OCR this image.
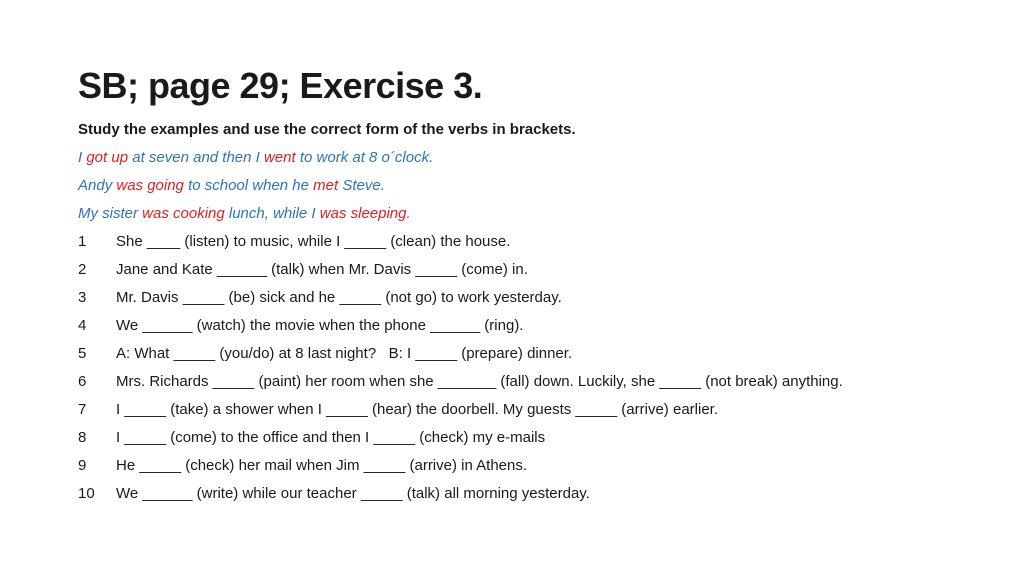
SB; page 29; Exercise 3.
Study the examples and use the correct form of the verbs in brackets.
I got up at seven and then I went to work at 8 o´clock.
Andy was going to school when he met Steve.
My sister was cooking lunch, while I was sleeping.
1 She ____ (listen) to music, while I _____ (clean) the house.
2 Jane and Kate ______ (talk) when Mr. Davis _____ (come) in.
3 Mr. Davis _____ (be) sick and he _____ (not go) to work yesterday.
4 We ______ (watch) the movie when the phone ______ (ring).
5 A: What _____ (you/do) at 8 last night?   B: I _____ (prepare) dinner.
6 Mrs. Richards _____ (paint) her room when she _______ (fall) down. Luckily, she _____ (not break) anything.
7 I _____ (take) a shower when I _____ (hear) the doorbell. My guests _____ (arrive) earlier.
8 I _____ (come) to the office and then I _____ (check) my e-mails
9 He _____ (check) her mail when Jim _____ (arrive) in Athens.
10 We ______ (write) while our teacher _____ (talk) all morning yesterday.
